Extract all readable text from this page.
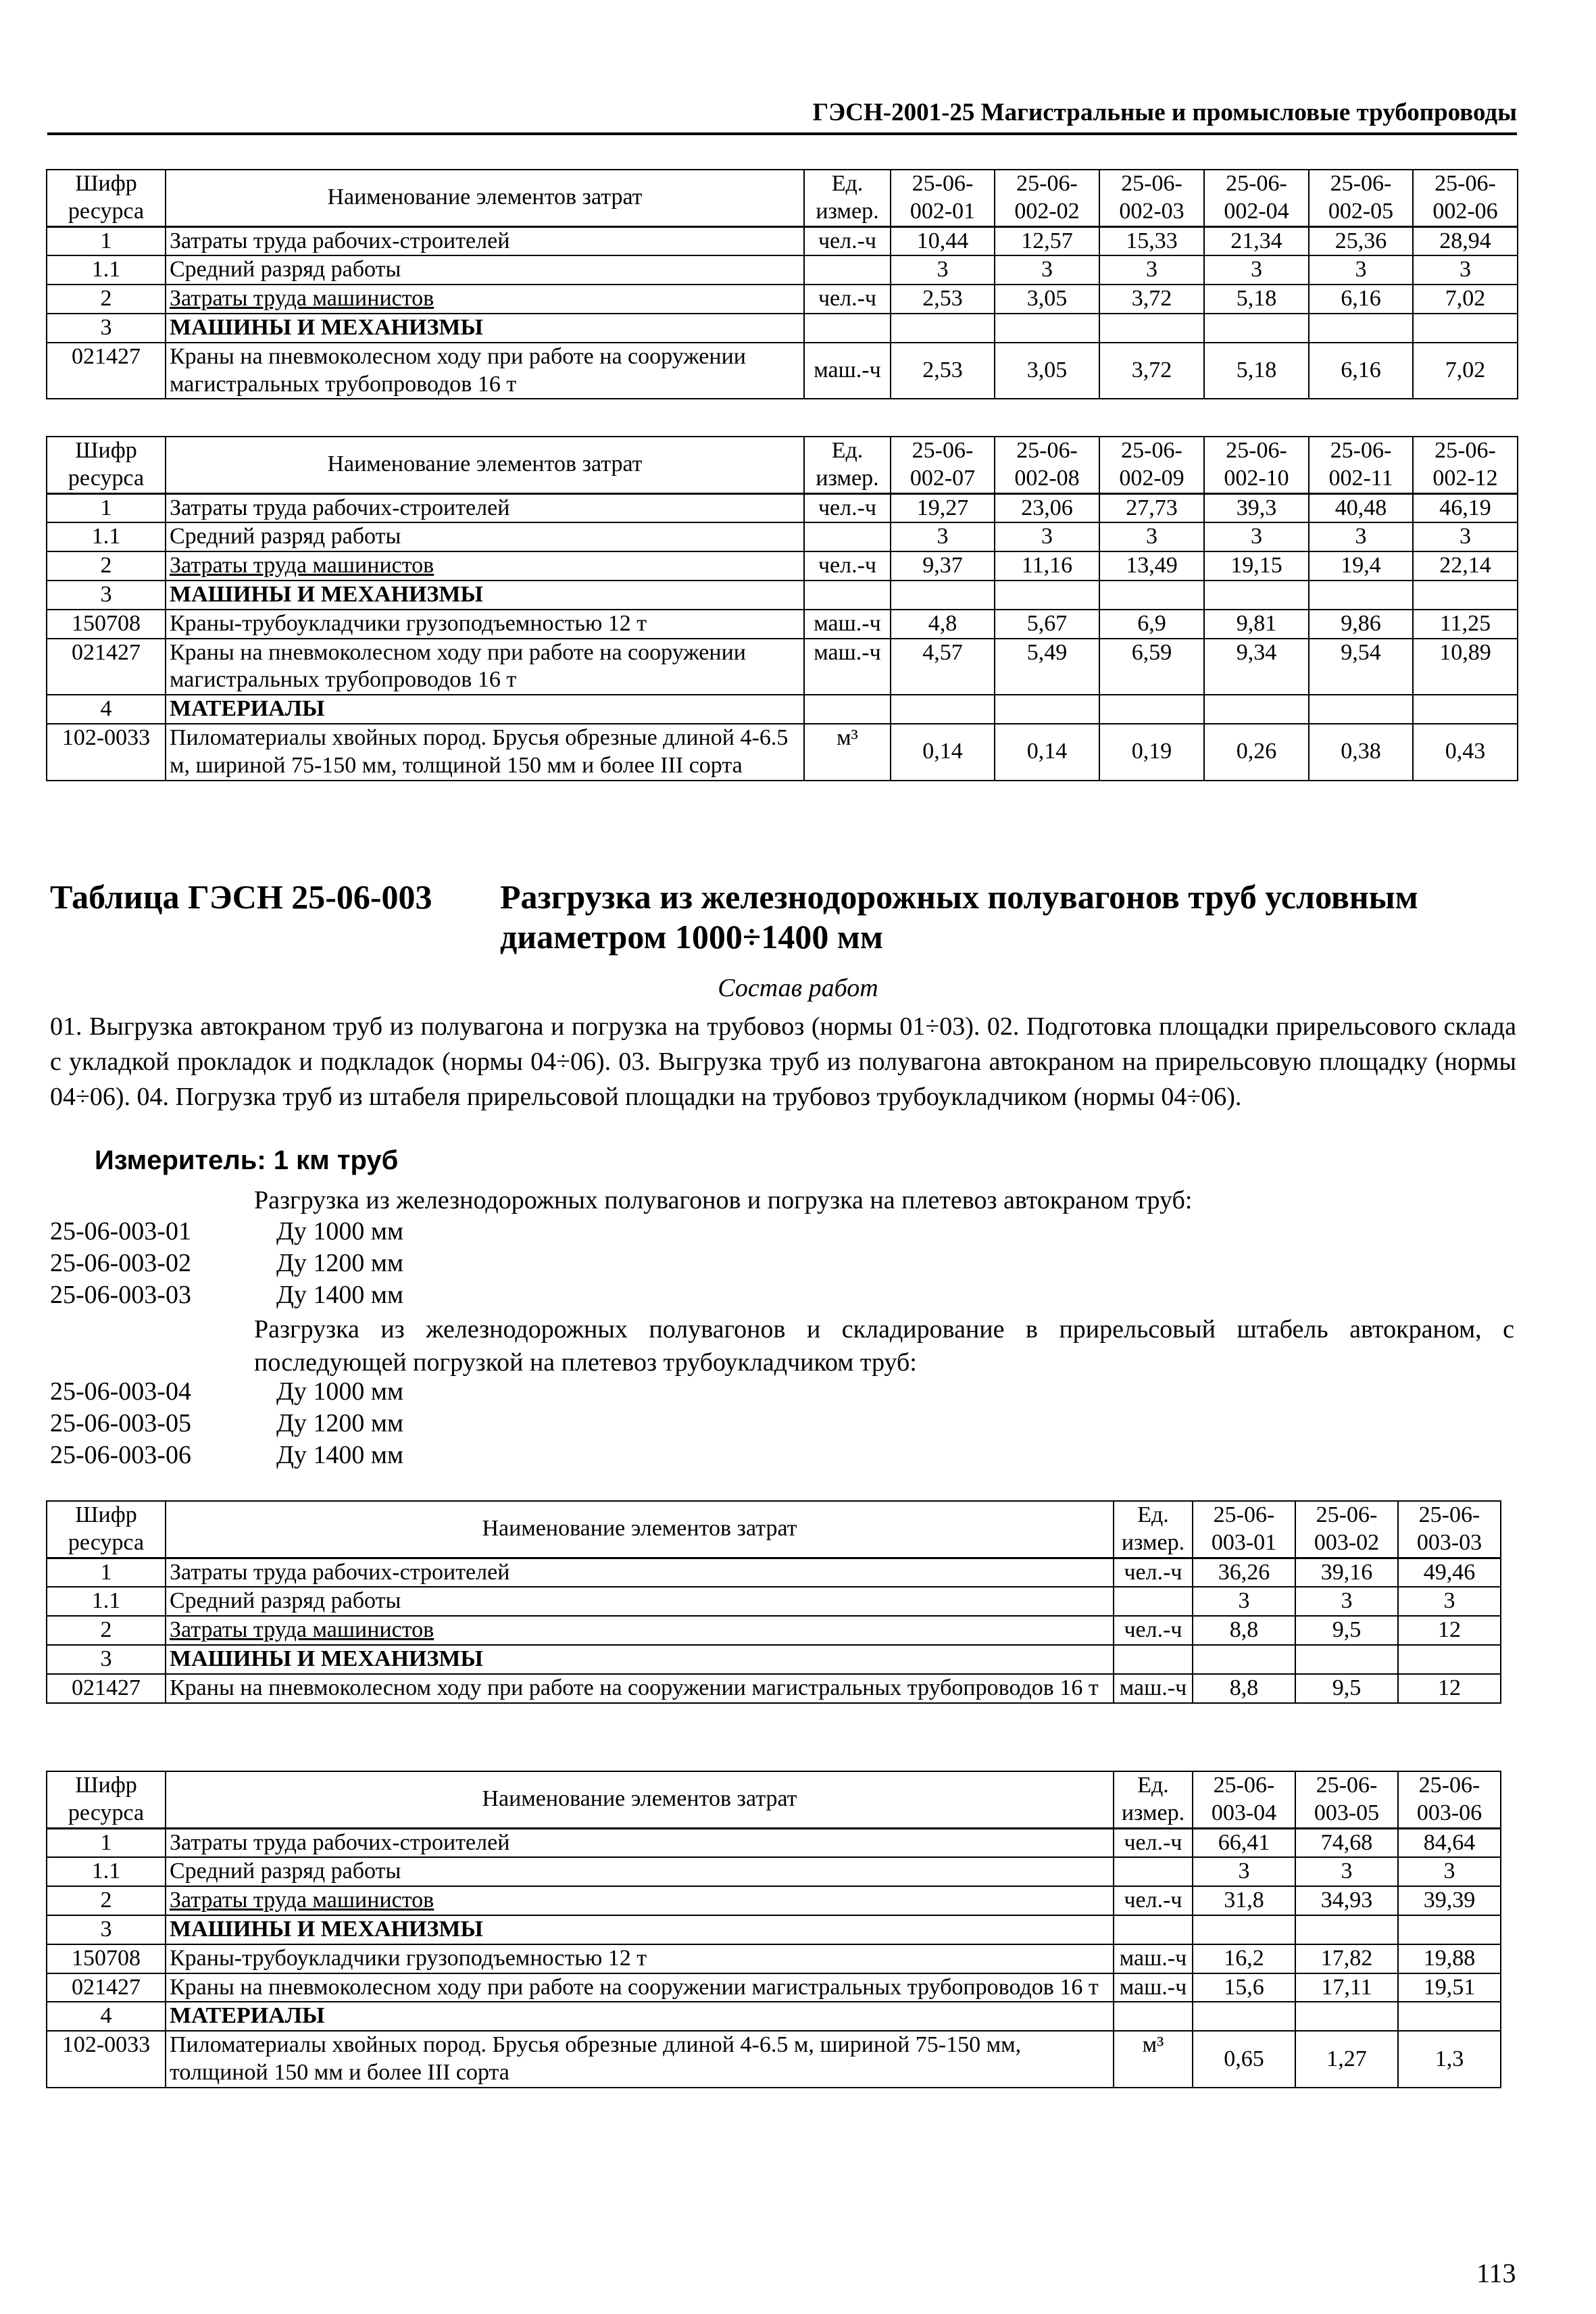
ГЭСН-2001-25 Магистральные и промысловые трубопроводы
Шифр ресурса	Наименование элементов затрат	Ед. измер.	25-06-002-01	25-06-002-02	25-06-002-03	25-06-002-04	25-06-002-05	25-06-002-06
1	Затраты труда рабочих-строителей	чел.-ч	10,44	12,57	15,33	21,34	25,36	28,94
1.1	Средний разряд работы		3	3	3	3	3	3
2	Затраты труда машинистов	чел.-ч	2,53	3,05	3,72	5,18	6,16	7,02
3	МАШИНЫ И МЕХАНИЗМЫ							
021427	Краны на пневмоколесном ходу при работе на сооружении магистральных трубопроводов 16 т	маш.-ч	2,53	3,05	3,72	5,18	6,16	7,02
Шифр ресурса	Наименование элементов затрат	Ед. измер.	25-06-002-07	25-06-002-08	25-06-002-09	25-06-002-10	25-06-002-11	25-06-002-12
1	Затраты труда рабочих-строителей	чел.-ч	19,27	23,06	27,73	39,3	40,48	46,19
1.1	Средний разряд работы		3	3	3	3	3	3
2	Затраты труда машинистов	чел.-ч	9,37	11,16	13,49	19,15	19,4	22,14
3	МАШИНЫ И МЕХАНИЗМЫ							
150708	Краны-трубоукладчики грузоподъемностью 12 т	маш.-ч	4,8	5,67	6,9	9,81	9,86	11,25
021427	Краны на пневмоколесном ходу при работе на сооружении магистральных трубопроводов 16 т	маш.-ч	4,57	5,49	6,59	9,34	9,54	10,89
4	МАТЕРИАЛЫ							
102-0033	Пиломатериалы хвойных пород. Брусья обрезные длиной 4-6.5 м, шириной 75-150 мм, толщиной 150 мм и более III сорта	м³	0,14	0,14	0,19	0,26	0,38	0,43
Таблица ГЭСН 25-06-003 Разгрузка из железнодорожных полувагонов труб условным диаметром 1000÷1400 мм
Состав работ
01. Выгрузка автокраном труб из полувагона и погрузка на трубовоз (нормы 01÷03). 02. Подготовка площадки прирельсового склада с укладкой прокладок и подкладок (нормы 04÷06). 03. Выгрузка труб из полувагона автокраном на прирельсовую площадку (нормы 04÷06). 04. Погрузка труб из штабеля прирельсовой площадки на трубовоз трубоукладчиком (нормы 04÷06).
Измеритель: 1 км труб
Разгрузка из железнодорожных полувагонов и погрузка на плетевоз автокраном труб:
25-06-003-01	Ду 1000 мм
25-06-003-02	Ду 1200 мм
25-06-003-03	Ду 1400 мм
Разгрузка из железнодорожных полувагонов и складирование в прирельсовый штабель автокраном, с последующей погрузкой на плетевоз трубоукладчиком труб:
25-06-003-04	Ду 1000 мм
25-06-003-05	Ду 1200 мм
25-06-003-06	Ду 1400 мм
Шифр ресурса	Наименование элементов затрат	Ед. измер.	25-06-003-01	25-06-003-02	25-06-003-03
1	Затраты труда рабочих-строителей	чел.-ч	36,26	39,16	49,46
1.1	Средний разряд работы		3	3	3
2	Затраты труда машинистов	чел.-ч	8,8	9,5	12
3	МАШИНЫ И МЕХАНИЗМЫ				
021427	Краны на пневмоколесном ходу при работе на сооружении магистральных трубопроводов 16 т	маш.-ч	8,8	9,5	12
Шифр ресурса	Наименование элементов затрат	Ед. измер.	25-06-003-04	25-06-003-05	25-06-003-06
1	Затраты труда рабочих-строителей	чел.-ч	66,41	74,68	84,64
1.1	Средний разряд работы		3	3	3
2	Затраты труда машинистов	чел.-ч	31,8	34,93	39,39
3	МАШИНЫ И МЕХАНИЗМЫ				
150708	Краны-трубоукладчики грузоподъемностью 12 т	маш.-ч	16,2	17,82	19,88
021427	Краны на пневмоколесном ходу при работе на сооружении магистральных трубопроводов 16 т	маш.-ч	15,6	17,11	19,51
4	МАТЕРИАЛЫ				
102-0033	Пиломатериалы хвойных пород. Брусья обрезные длиной 4-6.5 м, шириной 75-150 мм, толщиной 150 мм и более III сорта	м³	0,65	1,27	1,3
113
